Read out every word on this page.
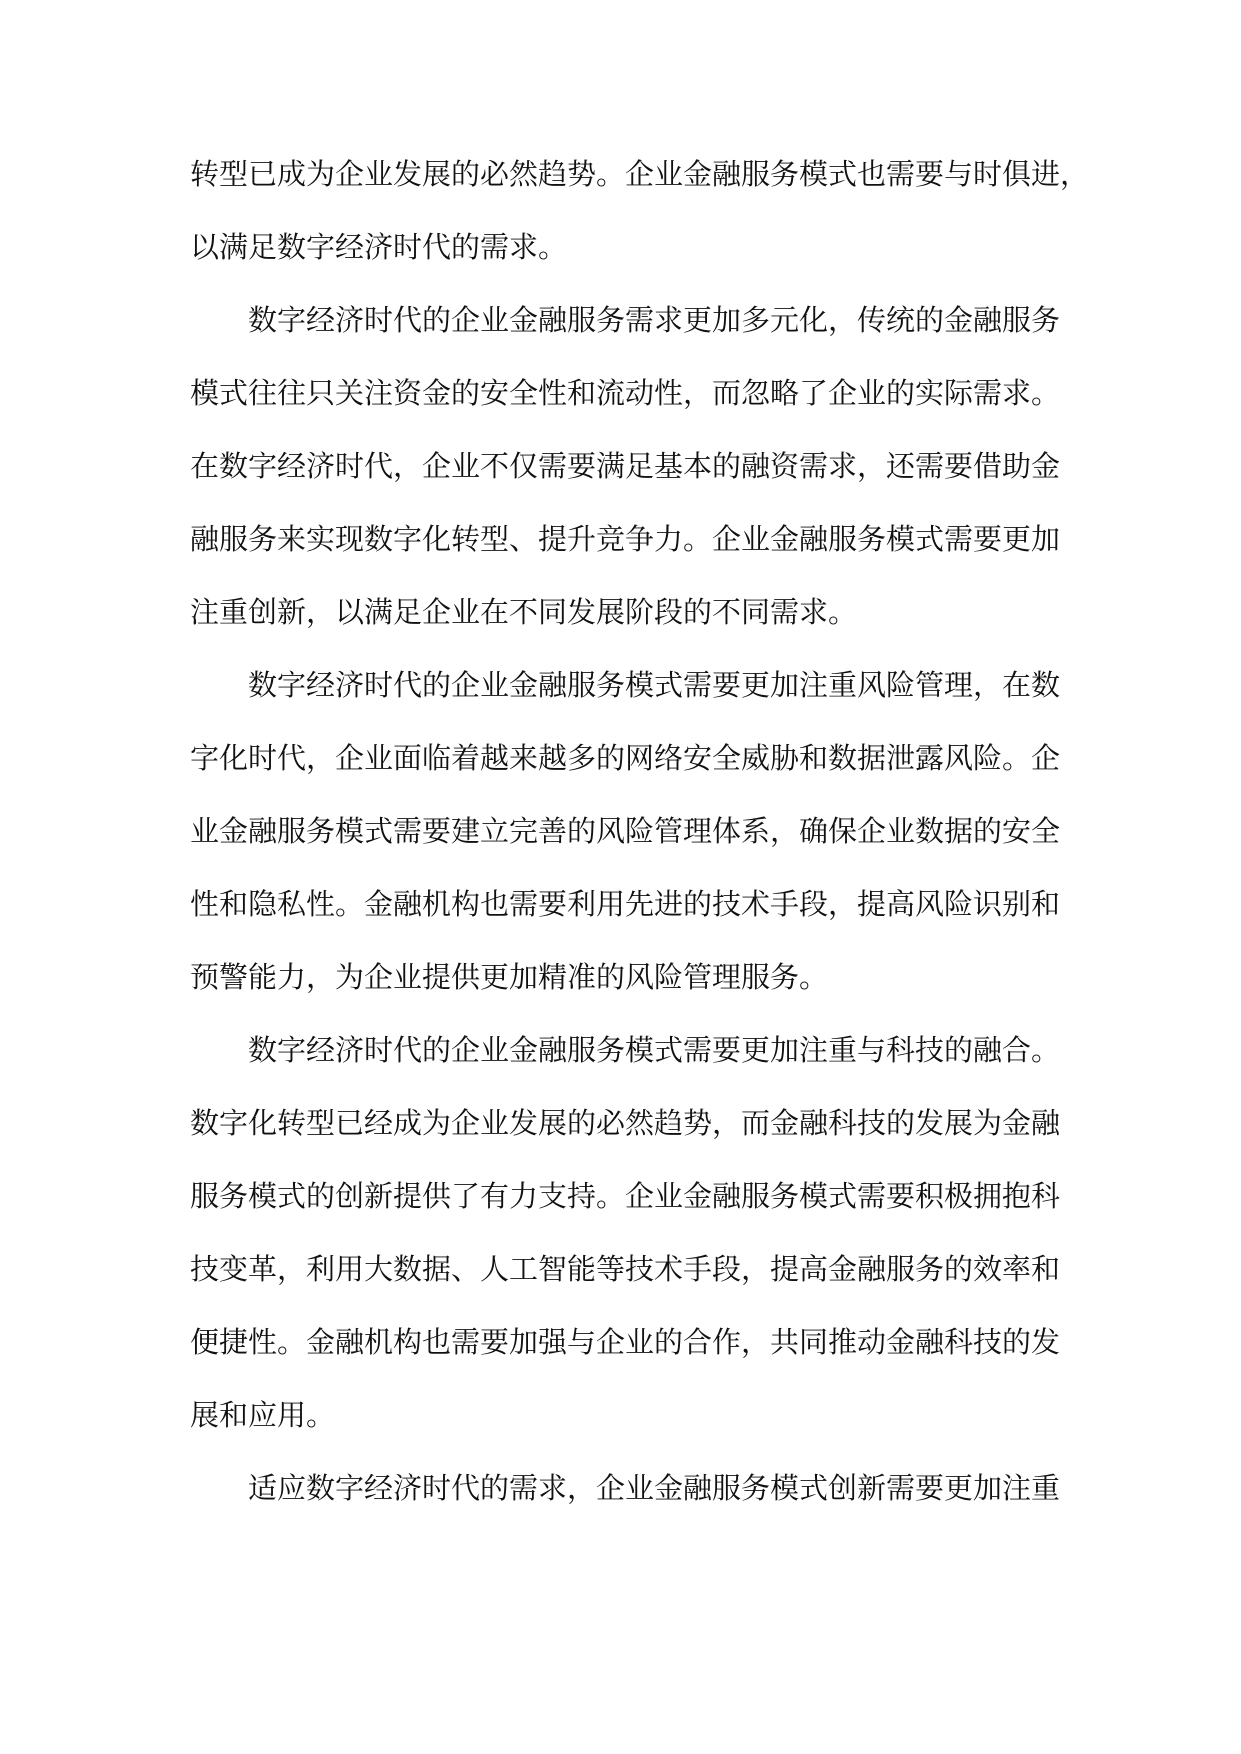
转型已成为企业发展的必然趋势。企业金融服务模式也需要与时俱进，
以满足数字经济时代的需求。
数字经济时代的企业金融服务需求更加多元化，传统的金融服务
模式往往只关注资金的安全性和流动性，而忽略了企业的实际需求。
在数字经济时代，企业不仅需要满足基本的融资需求，还需要借助金
融服务来实现数字化转型、提升竞争力。企业金融服务模式需要更加
注重创新，以满足企业在不同发展阶段的不同需求。
数字经济时代的企业金融服务模式需要更加注重风险管理，在数
字化时代，企业面临着越来越多的网络安全威胁和数据泄露风险。企
业金融服务模式需要建立完善的风险管理体系，确保企业数据的安全
性和隐私性。金融机构也需要利用先进的技术手段，提高风险识别和
预警能力，为企业提供更加精准的风险管理服务。
数字经济时代的企业金融服务模式需要更加注重与科技的融合。
数字化转型已经成为企业发展的必然趋势，而金融科技的发展为金融
服务模式的创新提供了有力支持。企业金融服务模式需要积极拥抱科
技变革，利用大数据、人工智能等技术手段，提高金融服务的效率和
便捷性。金融机构也需要加强与企业的合作，共同推动金融科技的发
展和应用。
适应数字经济时代的需求，企业金融服务模式创新需要更加注重
